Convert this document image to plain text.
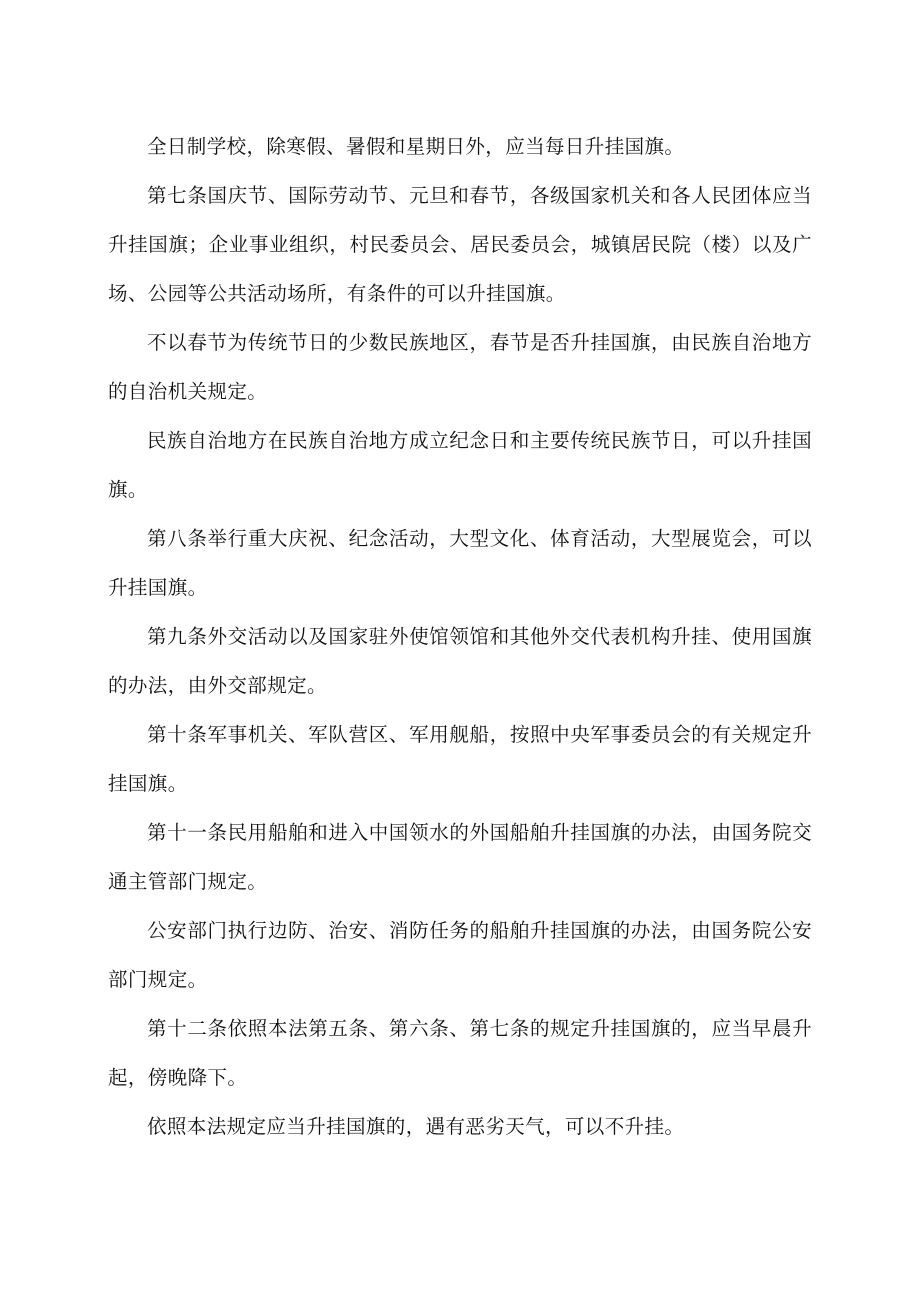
全日制学校，除寒假、暑假和星期日外，应当每日升挂国旗。

第七条国庆节、国际劳动节、元旦和春节，各级国家机关和各人民团体应当升挂国旗；企业事业组织，村民委员会、居民委员会，城镇居民院（楼）以及广场、公园等公共活动场所，有条件的可以升挂国旗。

不以春节为传统节日的少数民族地区，春节是否升挂国旗，由民族自治地方的自治机关规定。

民族自治地方在民族自治地方成立纪念日和主要传统民族节日，可以升挂国旗。

第八条举行重大庆祝、纪念活动，大型文化、体育活动，大型展览会，可以升挂国旗。

第九条外交活动以及国家驻外使馆领馆和其他外交代表机构升挂、使用国旗的办法，由外交部规定。

第十条军事机关、军队营区、军用舰船，按照中央军事委员会的有关规定升挂国旗。

第十一条民用船舶和进入中国领水的外国船舶升挂国旗的办法，由国务院交通主管部门规定。

公安部门执行边防、治安、消防任务的船舶升挂国旗的办法，由国务院公安部门规定。

第十二条依照本法第五条、第六条、第七条的规定升挂国旗的，应当早晨升起，傍晚降下。

依照本法规定应当升挂国旗的，遇有恶劣天气，可以不升挂。
